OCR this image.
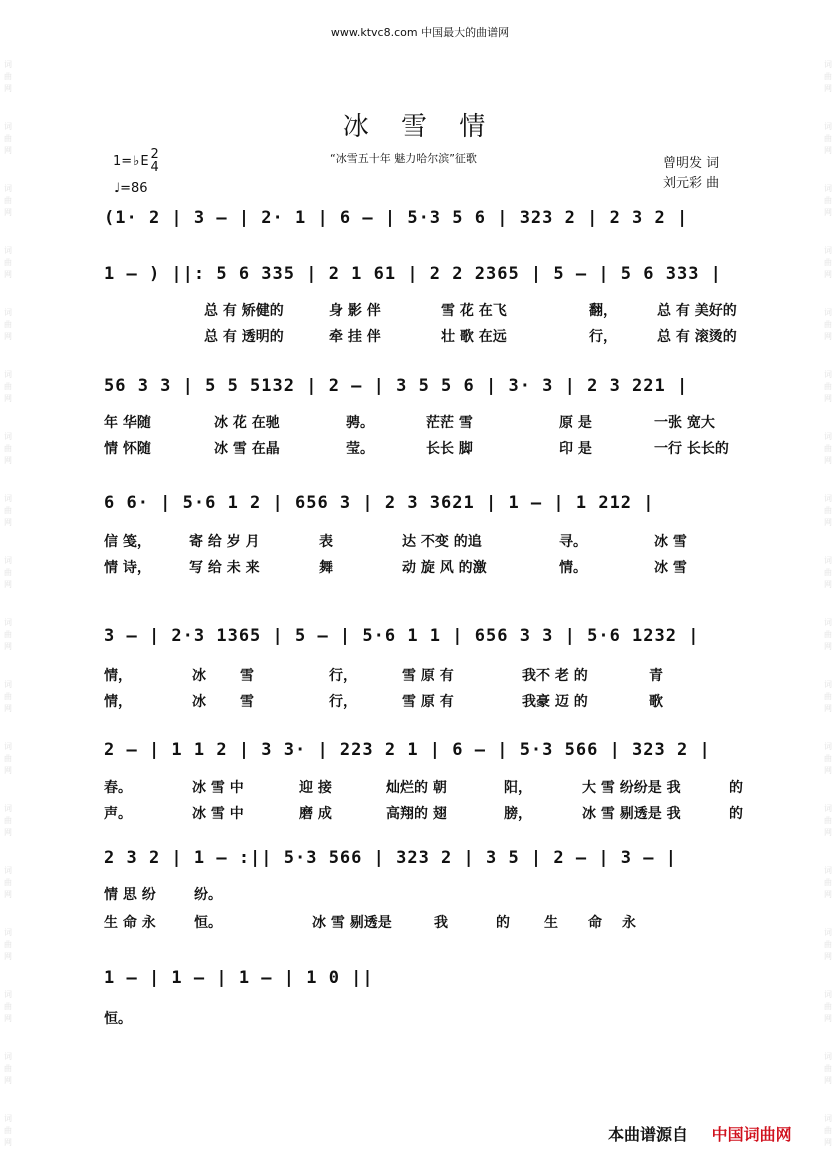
词
曲
网
词
曲
网
词
曲
网
词
曲
网
词
曲
网
词
曲
网
词
曲
网
词
曲
网
词
曲
网
词
曲
网
词
曲
网
词
曲
网
词
曲
网
词
曲
网
词
曲
网
词
曲
网
词
曲
网
词
曲
网
词
曲
网
词
曲
网
词
曲
网
词
曲
网
词
曲
网
词
曲
网
词
曲
网
词
曲
网
词
曲
网
词
曲
网
词
曲
网
词
曲
网
词
曲
网
词
曲
网
词
曲
网
词
曲
网
词
曲
网
词
曲
网
www.ktvc8.com 中国最大的曲谱网
冰 雪 情
1= ♭ E 2
4
♩=86
“冰雪五十年 魅力哈尔滨”征歌	曾明发 词
刘元彩 曲
(1· 2 | 3 – | 2· 1 | 6 – | 5·3 5 6 | 323 2 | 2 3 2 |
1 – ) ||: 5 6 335 | 2 1 61 | 2 2 2365 | 5 – | 5 6 333 |
总 有 矫健的	身 影 伴	雪 花 在飞	翻，	总 有 美好的
总 有 透明的	牵 挂 伴	壮 歌 在远	行，	总 有 滚烫的
56 3 3 | 5 5 5132 | 2 – | 3 5 5 6 | 3· 3 | 2 3 221 |
年 华随	冰 花 在驰	骋。	茫茫 雪	原 是	一张 宽大
情 怀随	冰 雪 在晶	莹。	长长 脚	印 是	一行 长长的
6 6· | 5·6 1 2 | 656 3 | 2 3 3621 | 1 – | 1 212 |
信 笺，	寄 给 岁 月	表	达 不变 的追	寻。	冰 雪
情 诗，	写 给 未 来	舞	动 旋 风 的激	情。	冰 雪
3 – | 2·3 1365 | 5 – | 5·6 1 1 | 656 3 3 | 5·6 1232 |
情，	冰 雪	行，	雪 原 有	我不 老 的	青
情，	冰 雪	行，	雪 原 有	我豪 迈 的	歌
2 – | 1 1 2 | 3 3· | 223 2 1 | 6 – | 5·3 566 | 323 2 |
春。	冰 雪 中	迎 接	灿烂的 朝	阳，	大 雪 纷纷是 我	的
声。	冰 雪 中	磨 成	高翔的 翅	膀，	冰 雪 剔透是 我	的
2 3 2 | 1 – :|| 5·3 566 | 323 2 | 3 5 | 2 – | 3 – |
情 思 纷	纷。
生 命 永	恒。	冰 雪 剔透是	我	的 生 命 永
1 – | 1 – | 1 – | 1 0 ||
恒。
本曲谱源自 中国词曲网
